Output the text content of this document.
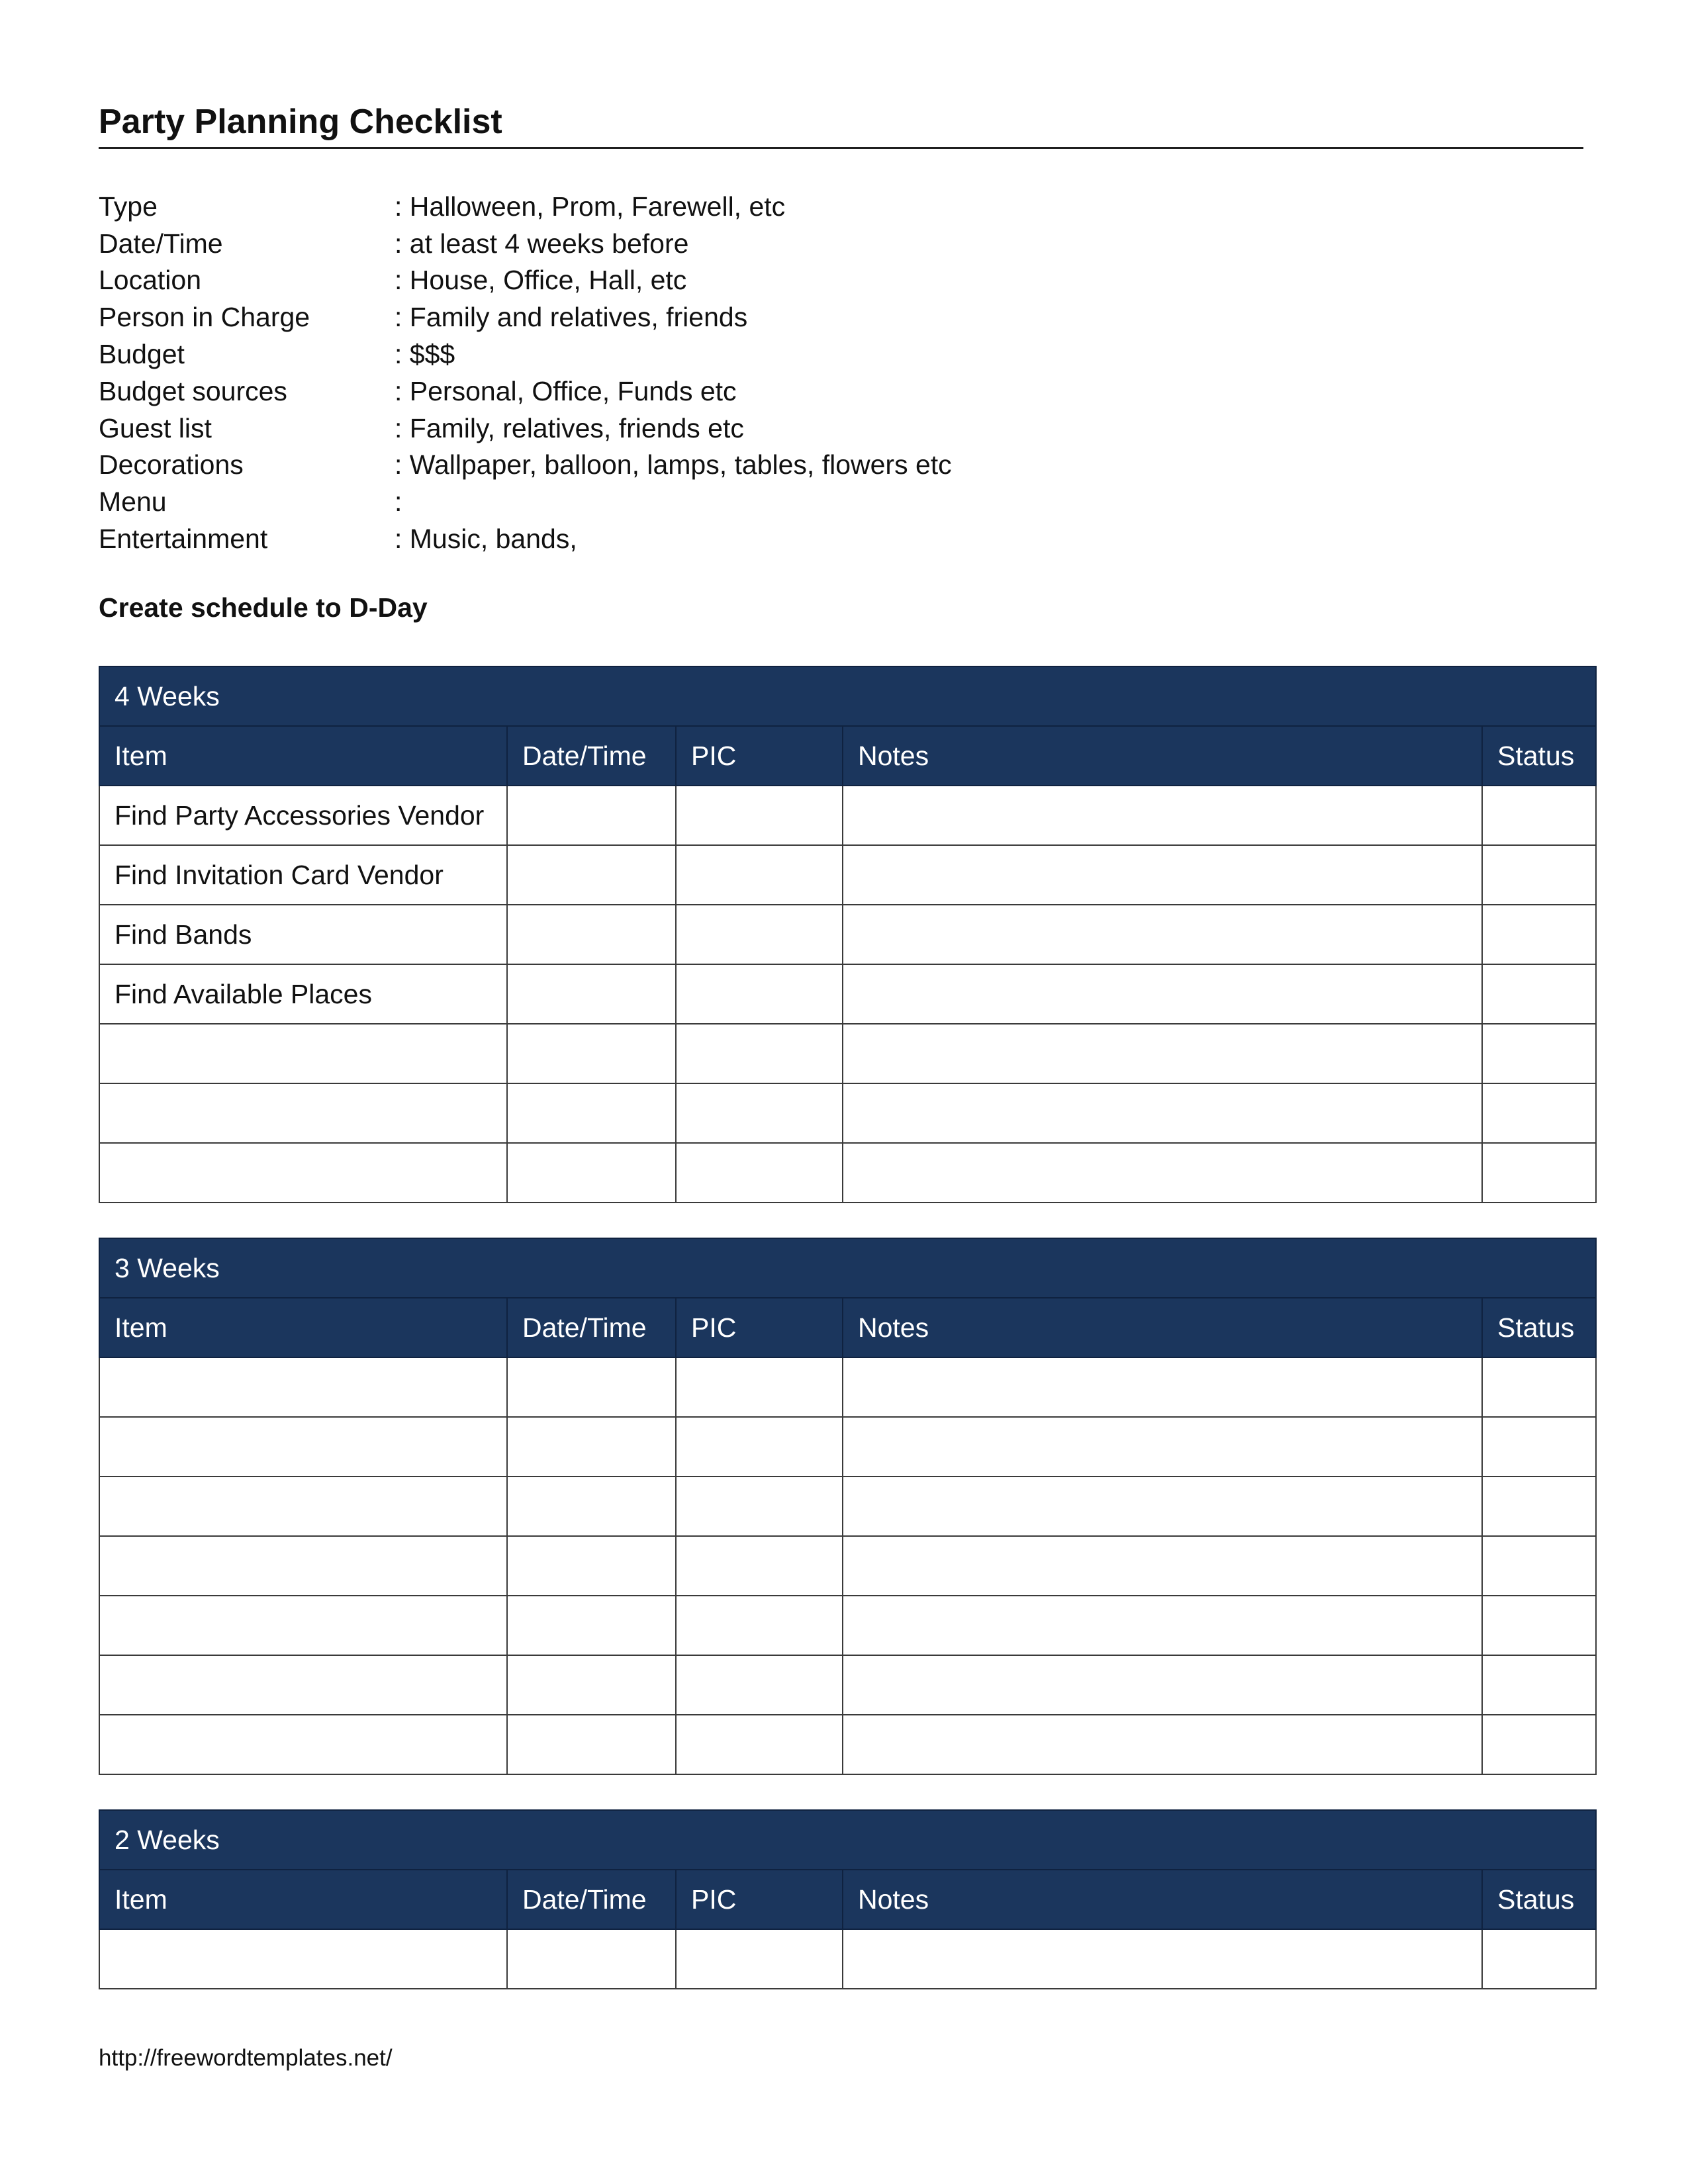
Party Planning Checklist
Type	: Halloween, Prom, Farewell, etc
Date/Time	: at least 4 weeks before
Location	: House, Office, Hall, etc
Person in Charge	: Family and relatives, friends
Budget	: $$$
Budget sources	: Personal, Office, Funds etc
Guest list	: Family, relatives, friends etc
Decorations	: Wallpaper, balloon, lamps, tables, flowers etc
Menu	:
Entertainment	: Music, bands,
Create schedule to D-Day
4 Weeks				
Item	Date/Time	PIC	Notes	Status
Find Party Accessories Vendor				
Find Invitation Card Vendor				
Find Bands				
Find Available Places				

3 Weeks				
Item	Date/Time	PIC	Notes	Status

2 Weeks				
Item	Date/Time	PIC	Notes	Status

http://freewordtemplates.net/
